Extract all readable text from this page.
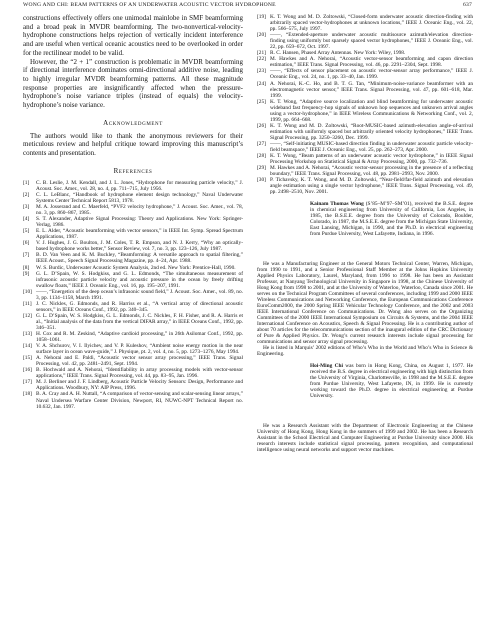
WONG AND CHI: BEAM PATTERNS OF AN UNDERWATER ACOUSTIC VECTOR HYDROPHONE	637

constructions effectively offers one unimodal mainlobe in SMF beamforming and a broad peak in MVDR beamforming. The two-nonvertical-velocity-hydrophone constructions helps rejection of vertically incident interference and are useful when vertical oceanic acoustics need to be overlooked in order for the rectilinear model to be valid.

However, the “2 + 1” construction is problematic in MVDR beamforming if directional interference dominates omni-directional additive noise, leading to highly irregular MVDR beamforming patterns. All these magnitude response properties are insignificantly affected when the pressure-hydrophone’s noise variance triples (instead of equals) the velocity-hydrophone’s noise variance.

Acknowledgment

The authors would like to thank the anonymous reviewers for their meticulous review and helpful critique toward improving this manuscript’s contents and presentation.

References
[1]	C. B. Leslie, J. M. Kendall, and J. L. Jones, “Hydrophone for measuring particle velocity,” J. Acoust. Soc. Amer., vol. 28, no. 4, pp. 711–715, July 1956.
[2]	C. L. LeBlanc, “Handbook of hydrophone element design technology,” Naval Underwater Systems Center Technical Report 5813, 1978.
[3]	M. A. Josserand and C. Maerfeld, “PVF2 velocity hydrophone,” J. Acoust. Soc. Amer., vol. 78, no. 3, pp. 860–867, 1985.
[4]	S. T. Alexander, Adaptive Signal Processing: Theory and Applications. New York: Springer-Verlag, 1986.
[5]	E. L. Alder, “Acoustic beamforming with vector sensors,” in IEEE Int. Symp. Spread Spectrum Applications, 1987.
[6]	V. J. Hughes, J. G. Boulton, J. M. Coles, T. R. Empson, and N. J. Kerry, “Why an optically-based hydrophone works better,” Sensor Review, vol. 7, no. 3, pp. 123–126, July 1987.
[7]	B. D. Van Veen and K. M. Buckley, “Beamforming: A versatile approach to spatial filtering,” IEEE Acoust., Speech Signal Processing Magazine, pp. 4–24, Apr. 1988.
[8]	W. S. Burdic, Underwater Acoustic System Analysis, 2nd ed. New York: Prentice-Hall, 1990.
[9]	G. L. D’Spain, W. S. Hodgkiss, and G. L. Edmonds, “The simultaneous measurement of infrasonic acoustic particle velocity and acoustic pressure in the ocean by freely drifting swallow floats,” IEEE J. Oceanic Eng., vol. 16, pp. 195–207, 1991.
[10] ——, “Energetics of the deep ocean’s infrasonic sound field,” J. Acoust. Soc. Amer., vol. 89, no. 3, pp. 1134–1158, March 1991.
[11] J. C. Nickles, G. Edmonds, and R. Harriss et al., “A vertical array of directional acoustic sensors,” in IEEE Oceans Conf., 1992, pp. 340–345.
[12] G. L. D’Spain, W. S. Hodgkiss, G. L. Edmonds, J. C. Nickles, F. H. Fisher, and R. A. Harris et al., “Initial analysis of the data from the vertical DIFAR array,” in IEEE Oceans Conf., 1992, pp. 346–351.
[13] H. Cox and R. M. Zeskind, “Adaptive cardioid processing,” in 26th Asilomar Conf., 1992, pp. 1058–1061.
[14] V. A. Shchurov, V. I. Ilyichev, and V. P. Kuleshov, “Ambient noise energy motion in the near surface layer in ocean wave-guide,” J. Physique, pt. 2, vol. 4, no. 5, pp. 1273–1276, May 1994.
[15] A. Nehorai and E. Paldi, “Acoustic vector sensor array processing,” IEEE Trans. Signal Processing, vol. 42, pp. 2481–2491, Sept. 1994.
[16] B. Hochwald and A. Nehorai, “Identifiability in array processing models with vector-sensor applications,” IEEE Trans. Signal Processing, vol. 44, pp. 83–95, Jan. 1996.
[17] M. J. Berliner and J. F. Lindberg, Acoustic Particle Velocity Sensors: Design, Performance and Applications. Woodbury, NY: AIP Press, 1996.
[18] B. A. Cray and A. H. Nuttall, “A comparison of vector-sensing and scalar-sensing linear arrays,” Naval Undersea Warfare Center Division, Newport, RI, NUWC-NPT Technical Report no. 10.632, Jan. 1997.
[19] K. T. Wong and M. D. Zoltowski, “Closed-form underwater acoustic direction-finding with arbitrarily spaced vector-hydrophones at unknown locations,” IEEE J. Oceanic Eng., vol. 22, pp. 566–575, July 1997.
[20] ——, “Extended-aperture underwater acoustic multisource azimuth/elevation direction-finding using uniformly but sparsely spaced vector hydrophones,” IEEE J. Oceanic Eng., vol. 22, pp. 659–672, Oct. 1997.
[21] R. C. Hansen, Phased Array Antennas. New York: Wiley, 1998.
[22] M. Hawkes and A. Nehorai, “Acoustic vector-sensor beamforming and capon direction estimation,” IEEE Trans. Signal Processing, vol. 46, pp. 2291–2304, Sept. 1998.
[23] ——, “Effects of sensor placement on acoustic vector-sensor array performance,” IEEE J. Oceanic Eng., vol. 24, no. 1, pp. 33–40, Jan. 1999.
[24] A. Nehorai, K.-C. Ho, and B. T. G. Tan, “Minimum-noise-variance beamformer with an electromagnetic vector sensor,” IEEE Trans. Signal Processing, vol. 47, pp. 601–618, Mar. 1999.
[25] K. T. Wong, “Adaptive source localization and blind beamforming for underwater acoustic wideband fast frequency-hop signals of unknown hop sequences and unknown arrival angles using a vector-hydrophone,” in IEEE Wireless Communications & Networking Conf., vol. 2, 1999, pp. 664–668.
[26] K. T. Wong and M. D. Zoltowski, “Root-MUSIC-based azimuth-elevation angle-of-arrival estimation with uniformly spaced but arbitrarily oriented velocity hydrophones,” IEEE Trans. Signal Processing, pp. 3250–3260, Dec. 1999.
[27] ——, “Self-initiating MUSIC-based direction finding in underwater acoustic particle velocity-field beamspace,” IEEE J. Oceanic Eng., vol. 25, pp. 262–273, Apr. 2000.
[28] K. T. Wong, “Beam patterns of an underwater acoustic vector hydrophone,” in IEEE Signal Processing Workshop on Statistical Signal & Array Processing, 2000, pp. 732–736.
[29] M. Hawkes and A. Nehorai, “Acoustic vector-sensor processing in the presence of a reflecting boundary,” IEEE Trans. Signal Processing, vol. 48, pp. 2981–2993, Nov. 2000.
[30] P. Tichavsky, K. T. Wong, and M. D. Zoltowski, “Near-field/far-field azimuth and elevation angle estimation using a single vector hydrophone,” IEEE Trans. Signal Processing, vol. 49, pp. 2498–2510, Nov. 2001.

Kainam Thomas Wong (S’85–M’97–SM’01), received the B.S.E. degree in chemical engineering from University of California, Los Angeles, in 1985, the B.S.E.E. degree from the University of Colorado, Boulder, Colorado, in 1987, the M.S.E.E. degree from the Michigan State University, East Lansing, Michigan, in 1990, and the Ph.D. in electrical engineering from Purdue University, West Lafayette, Indiana, in 1996.

He was a Manufacturing Engineer at the General Motors Technical Center, Warren, Michigan, from 1990 to 1991, and a Senior Professional Staff Member at the Johns Hopkins University Applied Physics Laboratory, Laurel, Maryland, from 1996 to 1998. He has been an Assistant Professor, at Nanyang Technological University in Singapore in 1998, at the Chinese University of Hong Kong from 1998 to 2001, and at the University of Waterloo, Waterloo, Canada since 2001. He serves on the Technical Program Committees of several conferences, including 1999 and 2000 IEEE Wireless Communications and Networking Conference, the European Communications Conference EuroComm2000, the 2000 Spring IEEE Vehicular Technology Conference, and the 2002 and 2003 IEEE International Conference on Communications. Dr. Wong also serves on the Organizing Committees of the 2000 IEEE International Symposium on Circuits & Systems, and the 2004 IEEE International Conference on Acoustics, Speech & Signal Processing. He is a contributing author of about 70 articles for the telecommunications section of the inaugural edition of the CRC Dictionary of Pure & Applied Physics. Dr. Wong’s current research interests include signal processing for communications and sensor array signal processing.

He is listed in Marquis’ 2002 editions of Who’s Who in the World and Who’s Who in Science & Engineering.

Hoi-Ming Chi was born in Hong Kong, China, on August 1, 1977. He received the B.S. degree in electrical engineering with high distinction from the University of Virginia, Charlottesville, in 1998 and the M.S.E.E. degree from Purdue University, West Lafayette, IN, in 1999. He is currently working toward the Ph.D. degree in electrical engineering at Purdue University.

He was a Research Assistant with the Department of Electronic Engineering at the Chinese University of Hong Kong, Hong Kong in the summers of 1999 and 2002. He has been a Research Assistant in the School Electrical and Computer Engineering at Purdue University since 2000. His research interests include statistical signal processing, pattern recognition, and computational intelligence using neural networks and support vector machines.
